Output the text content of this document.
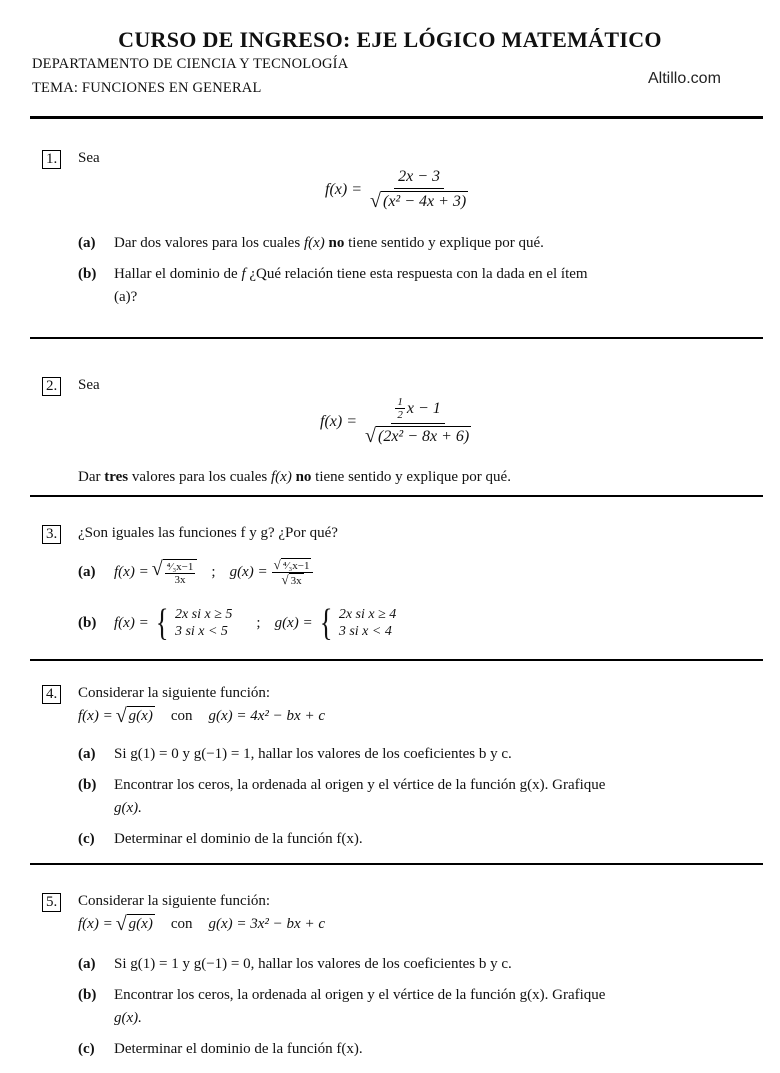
CURSO DE INGRESO: EJE LÓGICO MATEMÁTICO
DEPARTAMENTO DE CIENCIA Y TECNOLOGÍA
TEMA: FUNCIONES EN GENERAL
Altillo.com
1. Sea
$f(x) = \frac{2x - 3}{\text{√ (x² − 4x + 3)}}$
(a) Dar dos valores para los cuales f(x) no tiene sentido y explique por qué.
(b) Hallar el dominio de f ¿Qué relación tiene esta respuesta con la dada en el ítem
(a)?
2. Sea
$f(x) = \frac{\frac{1}{2} x - 1}{\text{√ (2x² − 8x + 6)}}$
Dar tres valores para los cuales f(x) no tiene sentido y explique por qué.
3. ¿Son iguales las funciones f y g? ¿Por qué?
(a)	f(x) = √ $\frac{\text{⁴⁄₃x−1}}{3x}$ ; $g(x) = \frac{\text{√ ⁴⁄₃x−1}}{√ 3x}$
(b)	f(x) = { 2x si x ≥ 5
3 si x < 5
; g(x) = { 2x si x ≥ 4
3 si x < 4
4. Considerar la siguiente función:
f(x) = √ g(x) con g(x) = 4x² − bx + c
(a) Si g(1) = 0 y g(−1) = 1, hallar los valores de los coeficientes b y c.
(b) Encontrar los ceros, la ordenada al origen y el vértice de la función g(x). Grafique
g(x).
(c) Determinar el dominio de la función f(x).
5. Considerar la siguiente función:
f(x) = √ g(x) con g(x) = 3x² − bx + c
(a) Si g(1) = 1 y g(−1) = 0, hallar los valores de los coeficientes b y c.
(b) Encontrar los ceros, la ordenada al origen y el vértice de la función g(x). Grafique
g(x).
(c) Determinar el dominio de la función f(x).
